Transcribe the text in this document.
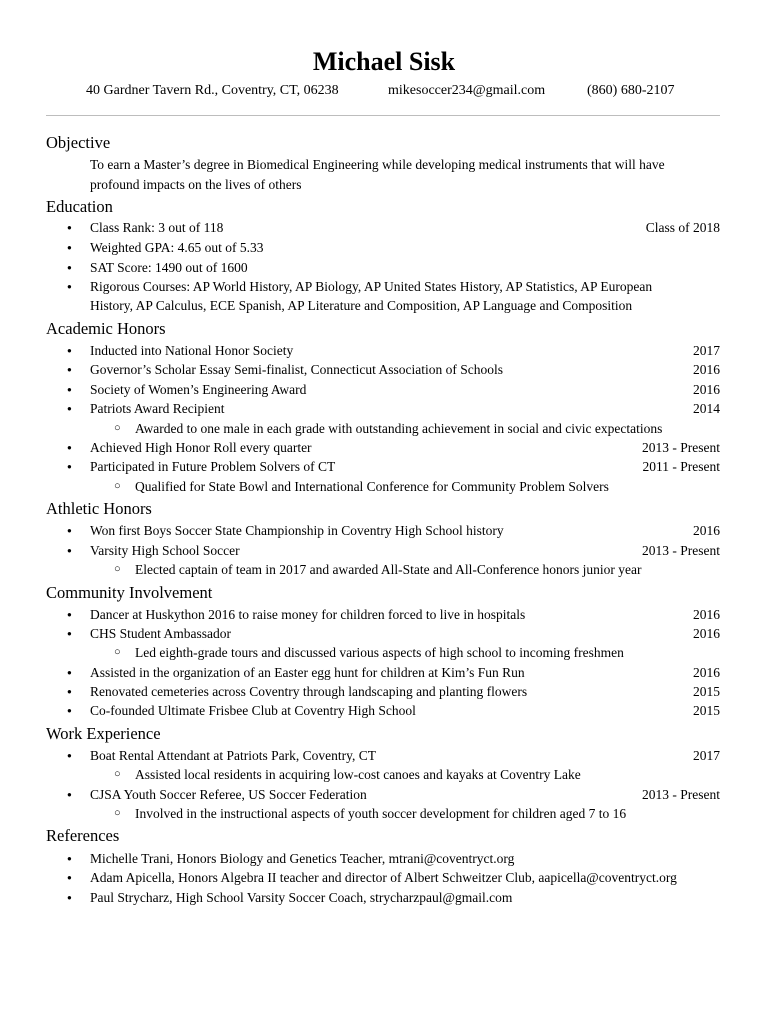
Michael Sisk
40 Gardner Tavern Rd., Coventry, CT, 06238	mikesoccer234@gmail.com	(860) 680-2107
Objective
To earn a Master’s degree in Biomedical Engineering while developing medical instruments that will have profound impacts on the lives of others
Education
● Class Rank: 3 out of 118	Class of 2018
● Weighted GPA: 4.65 out of 5.33
● SAT Score: 1490 out of 1600
● Rigorous Courses: AP World History, AP Biology, AP United States History, AP Statistics, AP European
History, AP Calculus, ECE Spanish, AP Literature and Composition, AP Language and Composition
Academic Honors
● Inducted into National Honor Society	2017
● Governor’s Scholar Essay Semi-finalist, Connecticut Association of Schools	2016
● Society of Women’s Engineering Award	2016
● Patriots Award Recipient	2014
○ Awarded to one male in each grade with outstanding achievement in social and civic expectations
● Achieved High Honor Roll every quarter	2013 - Present
● Participated in Future Problem Solvers of CT	2011 - Present
○ Qualified for State Bowl and International Conference for Community Problem Solvers
Athletic Honors
● Won first Boys Soccer State Championship in Coventry High School history	2016
● Varsity High School Soccer	2013 - Present
○ Elected captain of team in 2017 and awarded All-State and All-Conference honors junior year
Community Involvement
● Dancer at Huskython 2016 to raise money for children forced to live in hospitals	2016
● CHS Student Ambassador	2016
○ Led eighth-grade tours and discussed various aspects of high school to incoming freshmen
● Assisted in the organization of an Easter egg hunt for children at Kim’s Fun Run	2016
● Renovated cemeteries across Coventry through landscaping and planting flowers	2015
● Co-founded Ultimate Frisbee Club at Coventry High School	2015
Work Experience
● Boat Rental Attendant at Patriots Park, Coventry, CT	2017
○ Assisted local residents in acquiring low-cost canoes and kayaks at Coventry Lake
● CJSA Youth Soccer Referee, US Soccer Federation	2013 - Present
○ Involved in the instructional aspects of youth soccer development for children aged 7 to 16
References
● Michelle Trani, Honors Biology and Genetics Teacher, mtrani@coventryct.org
● Adam Apicella, Honors Algebra II teacher and director of Albert Schweitzer Club, aapicella@coventryct.org
● Paul Strycharz, High School Varsity Soccer Coach, strycharzpaul@gmail.com
